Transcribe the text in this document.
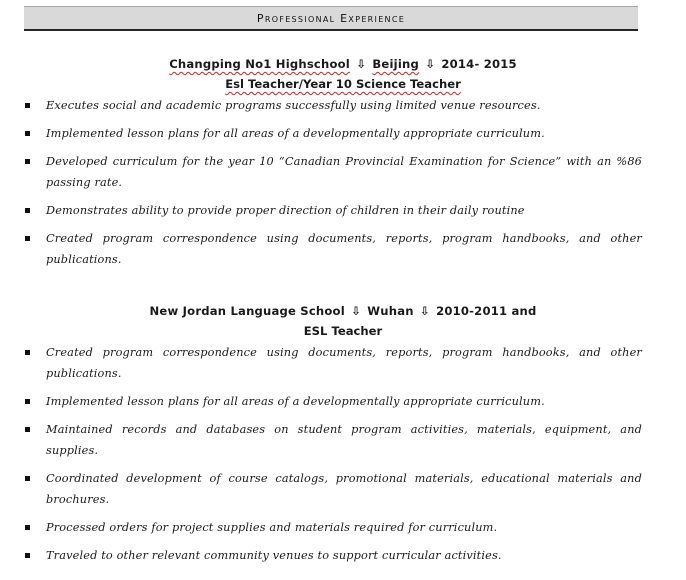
Professional Experience
Changping No1 Highschool ⇩ Beijing ⇩ 2014- 2015
Esl Teacher/Year 10 Science Teacher
Executes social and academic programs successfully using limited venue resources.
Implemented lesson plans for all areas of a developmentally appropriate curriculum.
Developed curriculum for the year 10 “Canadian Provincial Examination for Science” with an %86 passing rate.
Demonstrates ability to provide proper direction of children in their daily routine
Created program correspondence using documents, reports, program handbooks, and other publications.
New Jordan Language School ⇩ Wuhan ⇩ 2010-2011 and
ESL Teacher
Created program correspondence using documents, reports, program handbooks, and other publications.
Implemented lesson plans for all areas of a developmentally appropriate curriculum.
Maintained records and databases on student program activities, materials, equipment, and supplies.
Coordinated development of course catalogs, promotional materials, educational materials and brochures.
Processed orders for project supplies and materials required for curriculum.
Traveled to other relevant community venues to support curricular activities.
